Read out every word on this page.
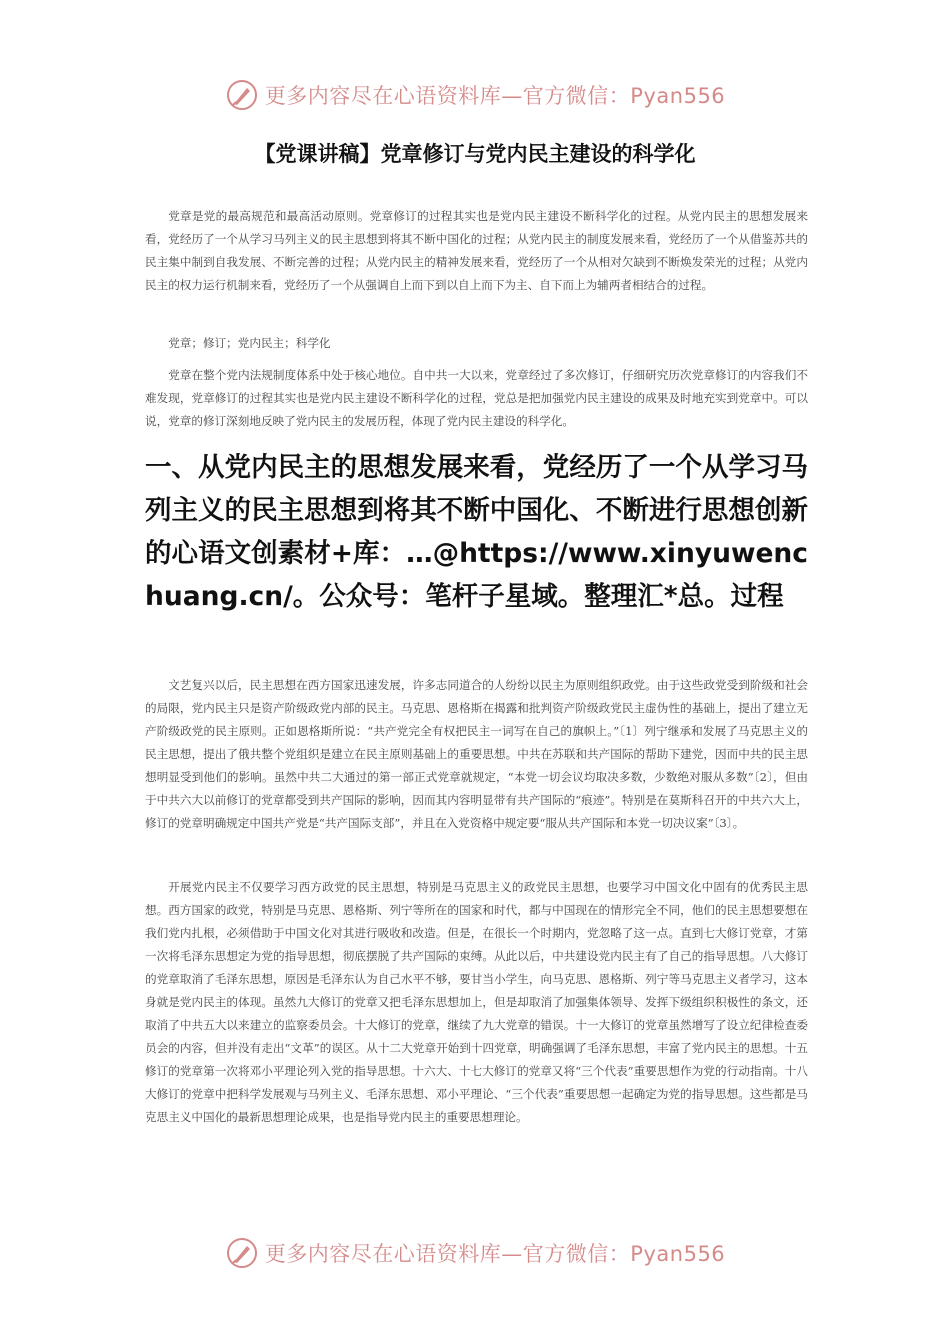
更多内容尽在心语资料库—官方微信：Pyan556
【党课讲稿】党章修订与党内民主建设的科学化

党章是党的最高规范和最高活动原则。党章修订的过程其实也是党内民主建设不断科学化的过程。从党内民主的思想发展来看，党经历了一个从学习马列主义的民主思想到将其不断中国化的过程；从党内民主的制度发展来看，党经历了一个从借鉴苏共的民主集中制到自我发展、不断完善的过程；从党内民主的精神发展来看，党经历了一个从相对欠缺到不断焕发荣光的过程；从党内民主的权力运行机制来看，党经历了一个从强调自上而下到以自上而下为主、自下而上为辅两者相结合的过程。

党章；修订；党内民主；科学化

党章在整个党内法规制度体系中处于核心地位。自中共一大以来，党章经过了多次修订，仔细研究历次党章修订的内容我们不难发现，党章修订的过程其实也是党内民主建设不断科学化的过程，党总是把加强党内民主建设的成果及时地充实到党章中。可以说，党章的修订深刻地反映了党内民主的发展历程，体现了党内民主建设的科学化。

一、从党内民主的思想发展来看，党经历了一个从学习马列主义的民主思想到将其不断中国化、不断进行思想创新的心语文创素材+库：…@https://www.xinyuwenchuang.cn/。公众号：笔杆子星域。整理汇*总。过程

文艺复兴以后，民主思想在西方国家迅速发展，许多志同道合的人纷纷以民主为原则组织政党。由于这些政党受到阶级和社会的局限，党内民主只是资产阶级政党内部的民主。马克思、恩格斯在揭露和批判资产阶级政党民主虚伪性的基础上，提出了建立无产阶级政党的民主原则。正如恩格斯所说：“共产党完全有权把民主一词写在自己的旗帜上。”〔1〕列宁继承和发展了马克思主义的民主思想，提出了俄共整个党组织是建立在民主原则基础上的重要思想。中共在苏联和共产国际的帮助下建党，因而中共的民主思想明显受到他们的影响。虽然中共二大通过的第一部正式党章就规定，“本党一切会议均取决多数，少数绝对服从多数”〔2〕，但由于中共六大以前修订的党章都受到共产国际的影响，因而其内容明显带有共产国际的“痕迹”。特别是在莫斯科召开的中共六大上，修订的党章明确规定中国共产党是“共产国际支部”，并且在入党资格中规定要“服从共产国际和本党一切决议案”〔3〕。

开展党内民主不仅要学习西方政党的民主思想，特别是马克思主义的政党民主思想，也要学习中国文化中固有的优秀民主思想。西方国家的政党，特别是马克思、恩格斯、列宁等所在的国家和时代，都与中国现在的情形完全不同，他们的民主思想要想在我们党内扎根，必须借助于中国文化对其进行吸收和改造。但是，在很长一个时期内，党忽略了这一点。直到七大修订党章，才第一次将毛泽东思想定为党的指导思想，彻底摆脱了共产国际的束缚。从此以后，中共建设党内民主有了自己的指导思想。八大修订的党章取消了毛泽东思想，原因是毛泽东认为自己水平不够，要甘当小学生，向马克思、恩格斯、列宁等马克思主义者学习，这本身就是党内民主的体现。虽然九大修订的党章又把毛泽东思想加上，但是却取消了加强集体领导、发挥下级组织积极性的条文，还取消了中共五大以来建立的监察委员会。十大修订的党章，继续了九大党章的错误。十一大修订的党章虽然增写了设立纪律检查委员会的内容，但并没有走出“文革”的误区。从十二大党章开始到十四党章，明确强调了毛泽东思想，丰富了党内民主的思想。十五修订的党章第一次将邓小平理论列入党的指导思想。十六大、十七大修订的党章又将“三个代表”重要思想作为党的行动指南。十八大修订的党章中把科学发展观与马列主义、毛泽东思想、邓小平理论、“三个代表”重要思想一起确定为党的指导思想。这些都是马克思主义中国化的最新思想理论成果，也是指导党内民主的重要思想理论。

更多内容尽在心语资料库—官方微信：Pyan556
